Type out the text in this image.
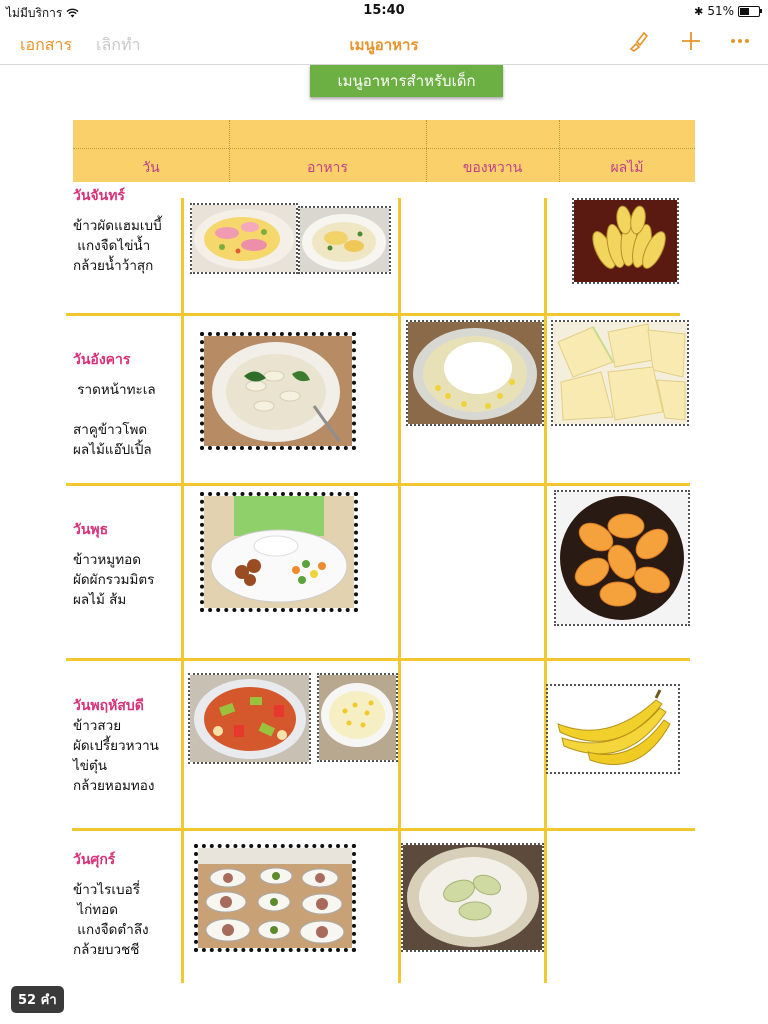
ไม่มีบริการ	15:40	✱ 51%
เอกสาร เลิกทำ	เมนูอาหาร
เมนูอาหารสำหรับเด็ก
วัน	อาหาร	ของหวาน	ผลไม้
วันจันทร์
ข้าวผัดแฮมเบบี้
แกงจืดไข่น้ำ
กล้วยน้ำว้าสุก
วันอังคาร
ราดหน้าทะเล

สาคูข้าวโพด
ผลไม้แอ๊ปเปิ้ล
วันพุธ
ข้าวหมูทอด
ผัดผักรวมมิตร
ผลไม้ ส้ม
วันพฤหัสบดี
ข้าวสวย
ผัดเปรี้ยวหวาน
ไข่ตุ๋น
กล้วยหอมทอง
วันศุกร์
ข้าวไรเบอรี่
ไก่ทอด
แกงจืดตำลึง
กล้วยบวชชี
52 คำ
